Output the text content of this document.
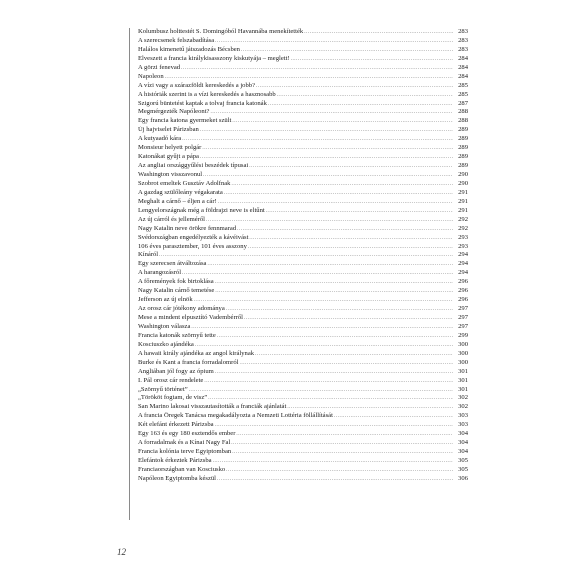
Kolumbusz holttestét S. Domingóból Havannába menekítették .....	283
A szerecsenek felszabadítása .....	283
Halálos kimenetű játszadozás Bécsben .....	283
Elveszett a francia királykisasszony kiskutyája – meglett! .....	284
A görzi fenevad .....	284
Napoleon .....	284
A vízi vagy a szárazföldi kereskedés a jobb? .....	285
A históriák szerint is a vízi kereskedés a hasznosabb .....	285
Szigorú büntetést kaptak a tolvaj francia katonák .....	287
Megmérgezték Napóleont? .....	288
Egy francia katona gyermeket szült .....	288
Új hajviselet Párizsban .....	289
A kutyaadó kára .....	289
Monsieur helyett polgár .....	289
Katonákat gyűjt a pápa .....	289
Az angliai országgyűlési beszédek típusai .....	289
Washington visszavonul .....	290
Szobrot emeltek Gusztáv Adolfnak .....	290
A gazdag szülőleány végakarata .....	291
Meghalt a cárnő – éljen a cár! .....	291
Lengyelországnak még a földrajzi neve is eltűnt .....	291
Az új cárról és jelleméről .....	292
Nagy Katalin neve örökre fennmarad .....	292
Svédországban engedélyezték a kávéivást .....	293
106 éves parasztember, 101 éves asszony .....	293
Kínáról .....	294
Egy szerecsen átváltozása .....	294
A harangozásról .....	294
A főremények fok birtoklása .....	296
Nagy Katalin cárnő temetése .....	296
Jefferson az új elnök .....	296
Az orosz cár jótékony adománya .....	297
Mese a mindent elpusztító Vadembérről .....	297
Washington válasza .....	297
Francia katonák szörnyű tette .....	299
Kosciuszko ajándéka .....	300
A hawaii király ajándéka az angol királynak .....	300
Burke és Kant a francia forradalomról .....	300
Angliában jól fogy az ópium .....	301
I. Pál orosz cár rendelete .....	301
„Szörnyű történet” .....	301
„Törököt fogtam, de visz” .....	302
San Marino lakosai visszautasították a franciák ajánlatát .....	302
A francia Öregek Tanácsa megakadályozta a Nemzeti Lottéria föllállítását .....	303
Két elefánt érkezett Párizsba .....	303
Egy 163 és egy 180 esztendős ember .....	304
A forradalmak és a Kínai Nagy Fal .....	304
Francia kolónia terve Egyiptomban .....	304
Elefántok érkeztek Párizsba .....	305
Franciaországban van Kosciusko .....	305
Napóleon Egyiptomba készül .....	306
12
